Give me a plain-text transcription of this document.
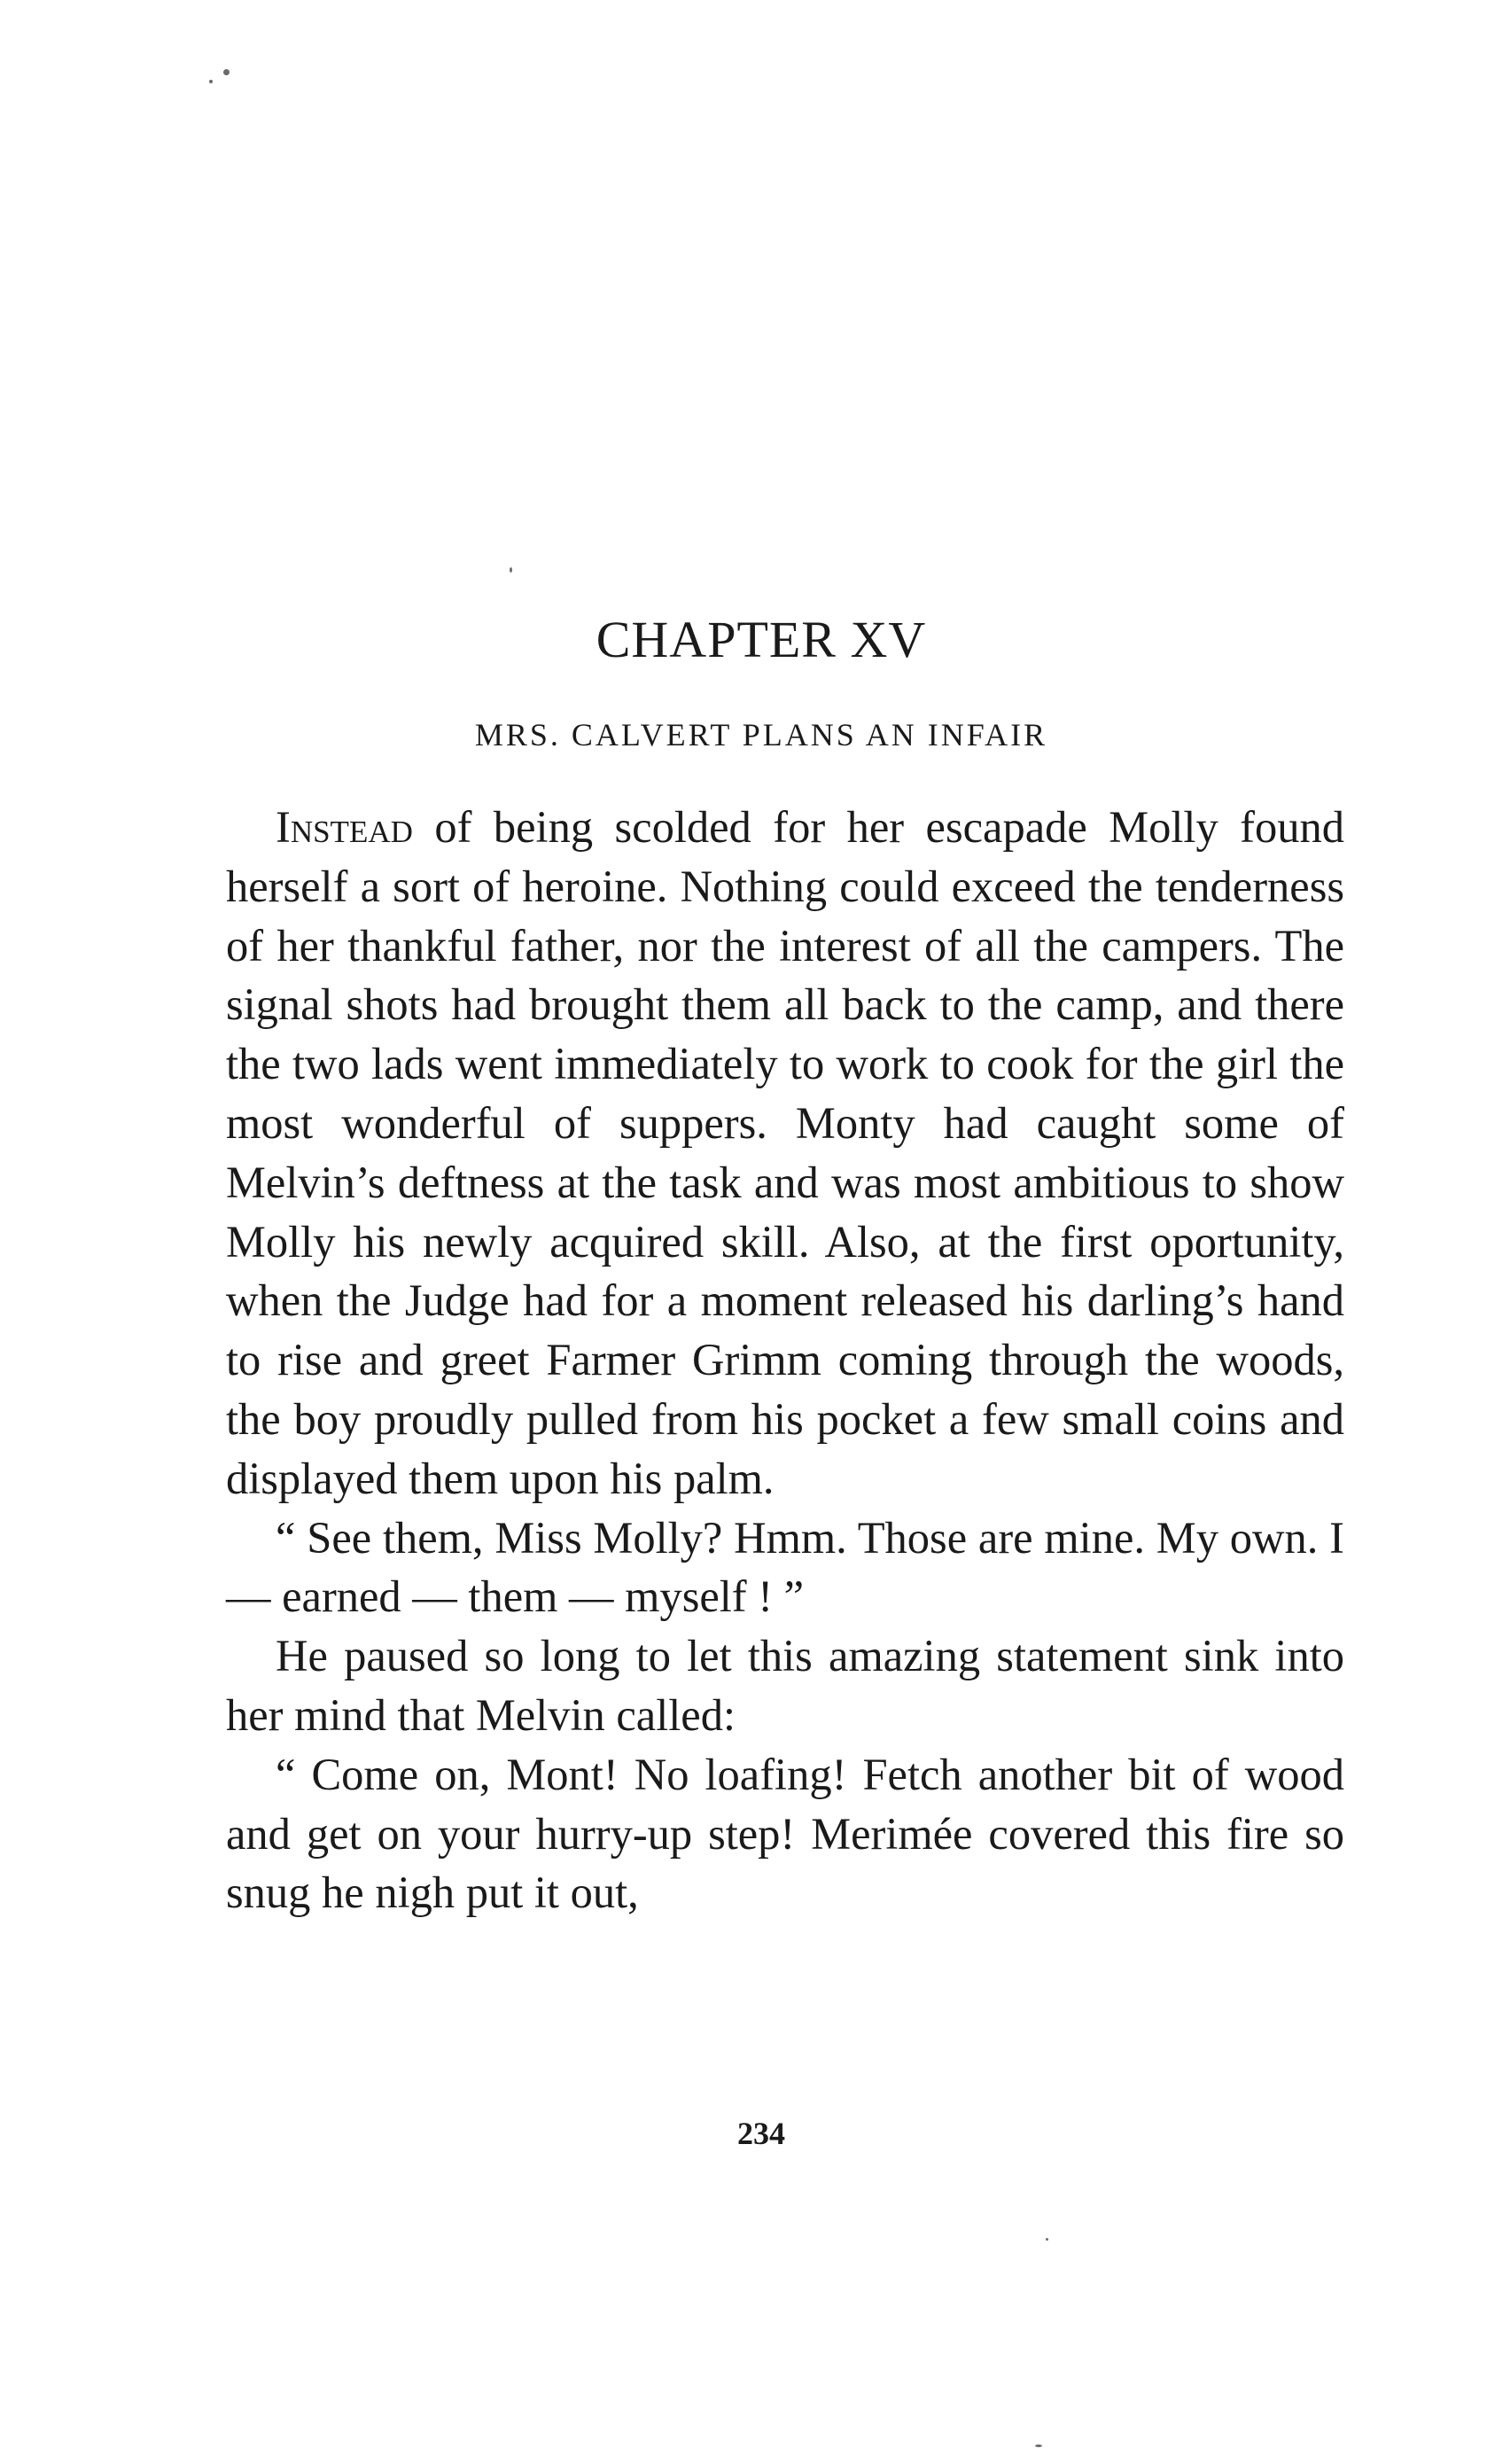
CHAPTER XV
MRS. CALVERT PLANS AN INFAIR

Instead of being scolded for her escapade Molly found herself a sort of heroine. Nothing could exceed the tenderness of her thankful father, nor the interest of all the campers. The signal shots had brought them all back to the camp, and there the two lads went immediately to work to cook for the girl the most wonderful of suppers. Monty had caught some of Melvin’s deftness at the task and was most ambitious to show Molly his newly acquired skill. Also, at the first oportunity, when the Judge had for a moment released his darling’s hand to rise and greet Farmer Grimm coming through the woods, the boy proudly pulled from his pocket a few small coins and displayed them upon his palm.

“ See them, Miss Molly? Hmm. Those are mine. My own. I — earned — them — myself ! ”

He paused so long to let this amazing statement sink into her mind that Melvin called:

“ Come on, Mont! No loafing! Fetch another bit of wood and get on your hurry-up step! Merimée covered this fire so snug he nigh put it out,

234
